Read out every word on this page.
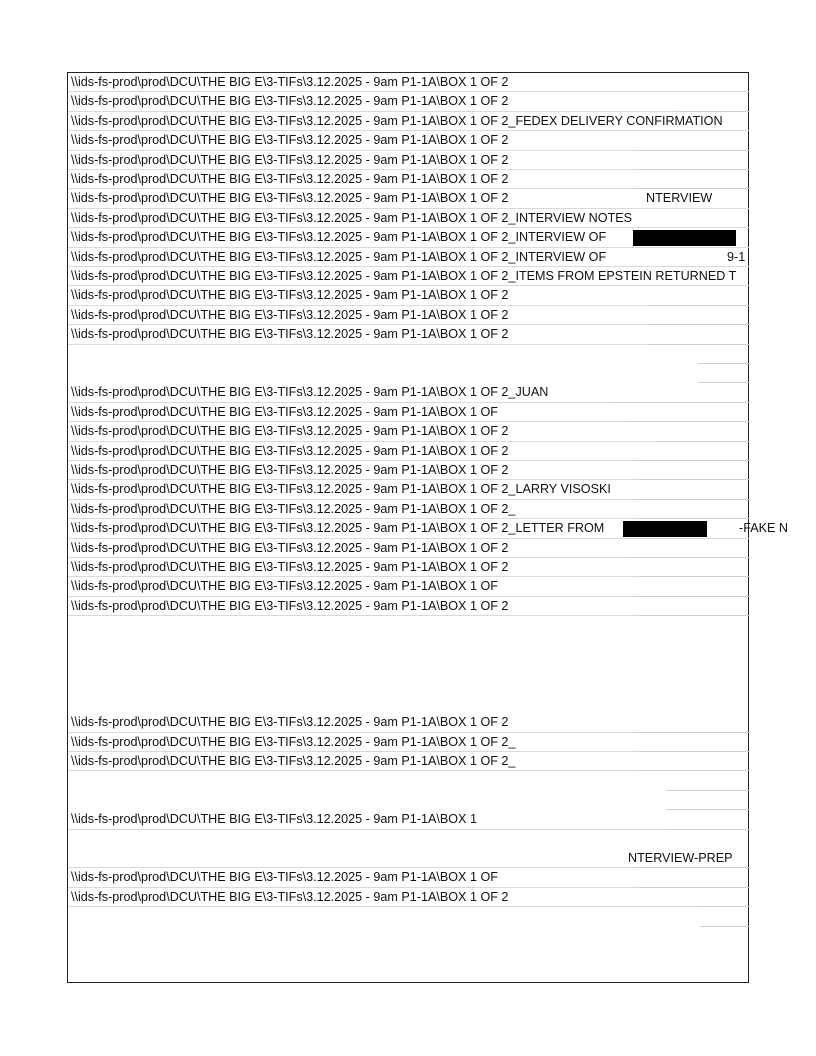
\\ids-fs-prod\prod\DCU\THE BIG E\3-TIFs\3.12.2025 - 9am P1-1A\BOX 1 OF 2
\\ids-fs-prod\prod\DCU\THE BIG E\3-TIFs\3.12.2025 - 9am P1-1A\BOX 1 OF 2
\\ids-fs-prod\prod\DCU\THE BIG E\3-TIFs\3.12.2025 - 9am P1-1A\BOX 1 OF 2_FEDEX DELIVERY CONFIRMATION
\\ids-fs-prod\prod\DCU\THE BIG E\3-TIFs\3.12.2025 - 9am P1-1A\BOX 1 OF 2
\\ids-fs-prod\prod\DCU\THE BIG E\3-TIFs\3.12.2025 - 9am P1-1A\BOX 1 OF 2
\\ids-fs-prod\prod\DCU\THE BIG E\3-TIFs\3.12.2025 - 9am P1-1A\BOX 1 OF 2
\\ids-fs-prod\prod\DCU\THE BIG E\3-TIFs\3.12.2025 - 9am P1-1A\BOX 1 OF 2	NTERVIEW
\\ids-fs-prod\prod\DCU\THE BIG E\3-TIFs\3.12.2025 - 9am P1-1A\BOX 1 OF 2_INTERVIEW NOTES
\\ids-fs-prod\prod\DCU\THE BIG E\3-TIFs\3.12.2025 - 9am P1-1A\BOX 1 OF 2_INTERVIEW OF
\\ids-fs-prod\prod\DCU\THE BIG E\3-TIFs\3.12.2025 - 9am P1-1A\BOX 1 OF 2_INTERVIEW OF	9-1
\\ids-fs-prod\prod\DCU\THE BIG E\3-TIFs\3.12.2025 - 9am P1-1A\BOX 1 OF 2_ITEMS FROM EPSTEIN RETURNED T
\\ids-fs-prod\prod\DCU\THE BIG E\3-TIFs\3.12.2025 - 9am P1-1A\BOX 1 OF 2
\\ids-fs-prod\prod\DCU\THE BIG E\3-TIFs\3.12.2025 - 9am P1-1A\BOX 1 OF 2
\\ids-fs-prod\prod\DCU\THE BIG E\3-TIFs\3.12.2025 - 9am P1-1A\BOX 1 OF 2
\\ids-fs-prod\prod\DCU\THE BIG E\3-TIFs\3.12.2025 - 9am P1-1A\BOX 1 OF 2_JUAN
\\ids-fs-prod\prod\DCU\THE BIG E\3-TIFs\3.12.2025 - 9am P1-1A\BOX 1 OF
\\ids-fs-prod\prod\DCU\THE BIG E\3-TIFs\3.12.2025 - 9am P1-1A\BOX 1 OF 2
\\ids-fs-prod\prod\DCU\THE BIG E\3-TIFs\3.12.2025 - 9am P1-1A\BOX 1 OF 2
\\ids-fs-prod\prod\DCU\THE BIG E\3-TIFs\3.12.2025 - 9am P1-1A\BOX 1 OF 2
\\ids-fs-prod\prod\DCU\THE BIG E\3-TIFs\3.12.2025 - 9am P1-1A\BOX 1 OF 2_LARRY VISOSKI
\\ids-fs-prod\prod\DCU\THE BIG E\3-TIFs\3.12.2025 - 9am P1-1A\BOX 1 OF 2_
\\ids-fs-prod\prod\DCU\THE BIG E\3-TIFs\3.12.2025 - 9am P1-1A\BOX 1 OF 2_LETTER FROM	-FAKE N
\\ids-fs-prod\prod\DCU\THE BIG E\3-TIFs\3.12.2025 - 9am P1-1A\BOX 1 OF 2
\\ids-fs-prod\prod\DCU\THE BIG E\3-TIFs\3.12.2025 - 9am P1-1A\BOX 1 OF 2
\\ids-fs-prod\prod\DCU\THE BIG E\3-TIFs\3.12.2025 - 9am P1-1A\BOX 1 OF
\\ids-fs-prod\prod\DCU\THE BIG E\3-TIFs\3.12.2025 - 9am P1-1A\BOX 1 OF 2
\\ids-fs-prod\prod\DCU\THE BIG E\3-TIFs\3.12.2025 - 9am P1-1A\BOX 1 OF 2
\\ids-fs-prod\prod\DCU\THE BIG E\3-TIFs\3.12.2025 - 9am P1-1A\BOX 1 OF 2_
\\ids-fs-prod\prod\DCU\THE BIG E\3-TIFs\3.12.2025 - 9am P1-1A\BOX 1 OF 2_
\\ids-fs-prod\prod\DCU\THE BIG E\3-TIFs\3.12.2025 - 9am P1-1A\BOX 1
NTERVIEW-PREP
\\ids-fs-prod\prod\DCU\THE BIG E\3-TIFs\3.12.2025 - 9am P1-1A\BOX 1 OF
\\ids-fs-prod\prod\DCU\THE BIG E\3-TIFs\3.12.2025 - 9am P1-1A\BOX 1 OF 2
